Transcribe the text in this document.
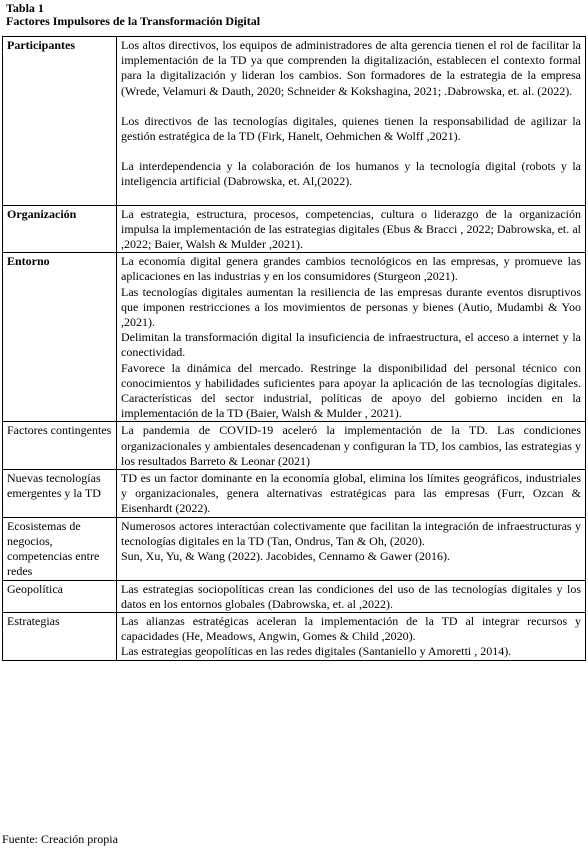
Tabla 1
Factores Impulsores de la Transformación Digital
Participantes	Los altos directivos, los equipos de administradores de alta gerencia tienen el rol de facilitar la implementación de la TD ya que comprenden la digitalización, establecen el contexto formal para la digitalización y lideran los cambios. Son formadores de la estrategia de la empresa (Wrede, Velamuri & Dauth, 2020; Schneider & Kokshagina, 2021; .Dabrowska, et. al. (2022).
Los directivos de las tecnologías digitales, quienes tienen la responsabilidad de agilizar la gestión estratégica de la TD (Firk, Hanelt, Oehmichen & Wolff ,2021).
La interdependencia y la colaboración de los humanos y la tecnología digital (robots y la inteligencia artificial (Dabrowska, et. Al,(2022).

Organización	La estrategia, estructura, procesos, competencias, cultura o liderazgo de la organización impulsa la implementación de las estrategias digitales (Ebus & Bracci , 2022; Dabrowska, et. al ,2022; Baier, Walsh & Mulder ,2021).

Entorno	La economía digital genera grandes cambios tecnológicos en las empresas, y promueve las aplicaciones en las industrias y en los consumidores (Sturgeon ,2021).
Las tecnologías digitales aumentan la resiliencia de las empresas durante eventos disruptivos que imponen restricciones a los movimientos de personas y bienes (Autio, Mudambi & Yoo ,2021).
Delimitan la transformación digital la insuficiencia de infraestructura, el acceso a internet y la conectividad.
Favorece la dinámica del mercado. Restringe la disponibilidad del personal técnico con conocimientos y habilidades suficientes para apoyar la aplicación de las tecnologías digitales. Características del sector industrial, políticas de apoyo del gobierno inciden en la implementación de la TD (Baier, Walsh & Mulder , 2021).

Factores contingentes	La pandemia de COVID-19 aceleró la implementación de la TD. Las condiciones organizacionales y ambientales desencadenan y configuran la TD, los cambios, las estrategias y los resultados Barreto & Leonar (2021)

Nuevas tecnologías emergentes y la TD	TD es un factor dominante en la economía global, elimina los límites geográficos, industriales y organizacionales, genera alternativas estratégicas para las empresas (Furr, Ozcan & Eisenhardt (2022).

Ecosistemas de negocios, competencias entre redes	Numerosos actores interactúan colectivamente que facilitan la integración de infraestructuras y tecnologías digitales en la TD (Tan, Ondrus, Tan & Oh, (2020).
Sun, Xu, Yu, & Wang (2022). Jacobides, Cennamo & Gawer (2016).

Geopolítica	Las estrategias sociopolíticas crean las condiciones del uso de las tecnologías digitales y los datos en los entornos globales (Dabrowska, et. al ,2022).

Estrategias	Las alianzas estratégicas aceleran la implementación de la TD al integrar recursos y capacidades (He, Meadows, Angwin, Gomes & Child ,2020).
Las estrategias geopolíticas en las redes digitales (Santaniello y Amoretti , 2014).
Fuente: Creación propia
